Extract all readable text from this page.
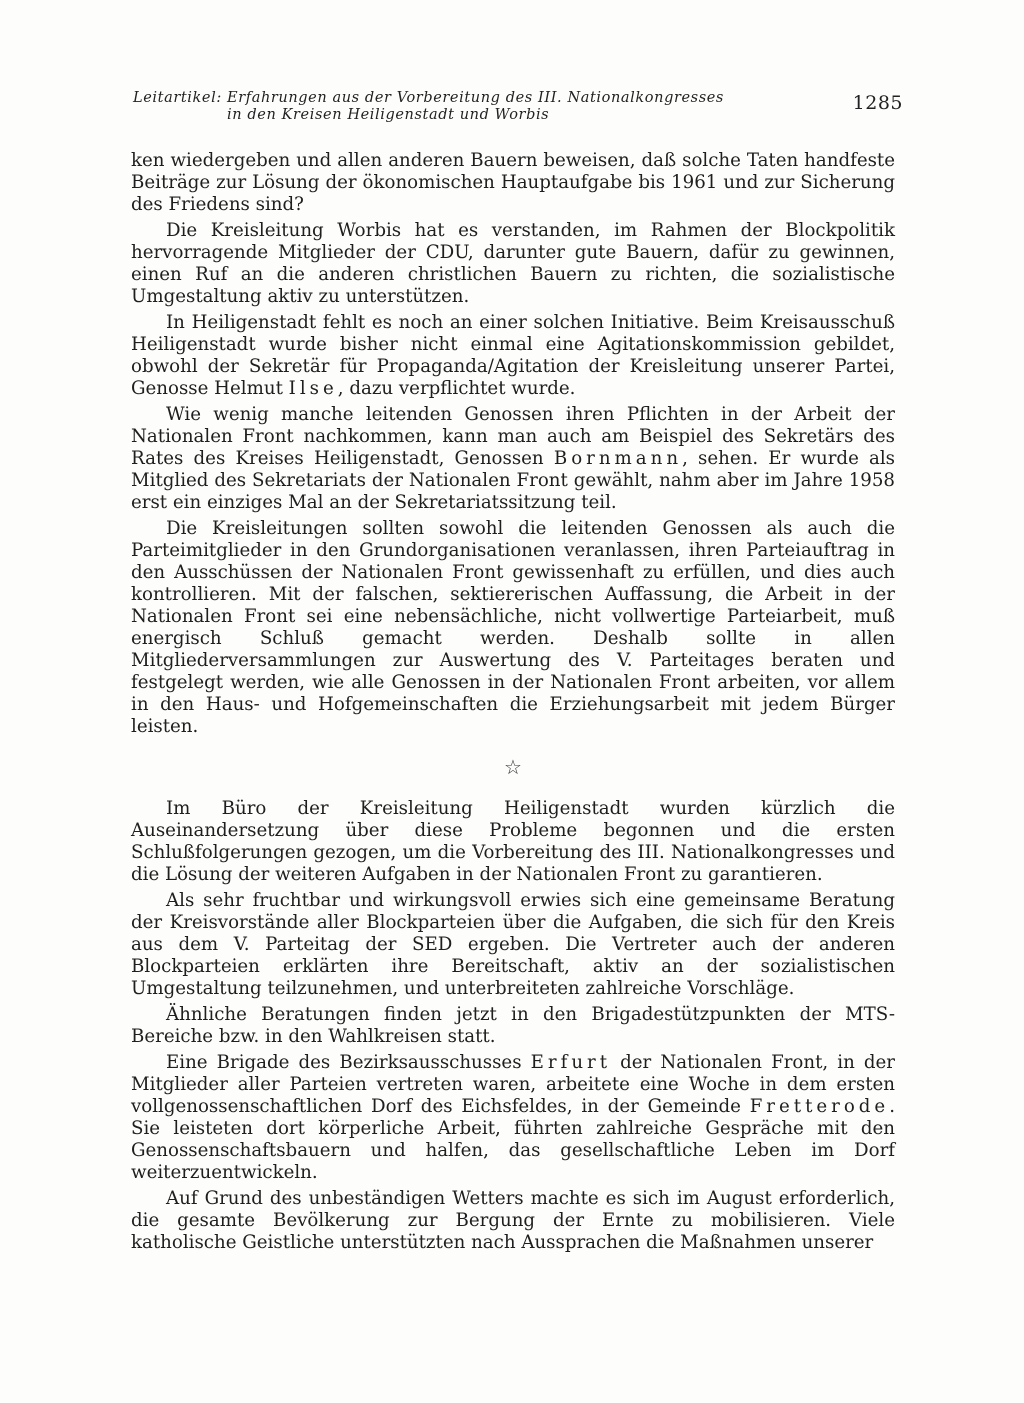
Leitartikel: Erfahrungen aus der Vorbereitung des III. Nationalkongresses
in den Kreisen Heiligenstadt und Worbis
1285

ken wiedergeben und allen anderen Bauern beweisen, daß solche Taten handfeste Beiträge zur Lösung der ökonomischen Hauptaufgabe bis 1961 und zur Sicherung des Friedens sind?

Die Kreisleitung Worbis hat es verstanden, im Rahmen der Blockpolitik hervorragende Mitglieder der CDU, darunter gute Bauern, dafür zu gewinnen, einen Ruf an die anderen christlichen Bauern zu richten, die sozialistische Umgestaltung aktiv zu unterstützen.

In Heiligenstadt fehlt es noch an einer solchen Initiative. Beim Kreisausschuß Heiligenstadt wurde bisher nicht einmal eine Agitationskommission gebildet, obwohl der Sekretär für Propaganda/Agitation der Kreisleitung unserer Partei, Genosse Helmut Ilse, dazu verpflichtet wurde.

Wie wenig manche leitenden Genossen ihren Pflichten in der Arbeit der Nationalen Front nachkommen, kann man auch am Beispiel des Sekretärs des Rates des Kreises Heiligenstadt, Genossen Bornmann, sehen. Er wurde als Mitglied des Sekretariats der Nationalen Front gewählt, nahm aber im Jahre 1958 erst ein einziges Mal an der Sekretariatssitzung teil.

Die Kreisleitungen sollten sowohl die leitenden Genossen als auch die Parteimitglieder in den Grundorganisationen veranlassen, ihren Parteiauftrag in den Ausschüssen der Nationalen Front gewissenhaft zu erfüllen, und dies auch kontrollieren. Mit der falschen, sektiererischen Auffassung, die Arbeit in der Nationalen Front sei eine nebensächliche, nicht vollwertige Parteiarbeit, muß energisch Schluß gemacht werden. Deshalb sollte in allen Mitgliederversammlungen zur Auswertung des V. Parteitages beraten und festgelegt werden, wie alle Genossen in der Nationalen Front arbeiten, vor allem in den Haus- und Hofgemeinschaften die Erziehungsarbeit mit jedem Bürger leisten.

☆

Im Büro der Kreisleitung Heiligenstadt wurden kürzlich die Auseinandersetzung über diese Probleme begonnen und die ersten Schlußfolgerungen gezogen, um die Vorbereitung des III. Nationalkongresses und die Lösung der weiteren Aufgaben in der Nationalen Front zu garantieren.

Als sehr fruchtbar und wirkungsvoll erwies sich eine gemeinsame Beratung der Kreisvorstände aller Blockparteien über die Aufgaben, die sich für den Kreis aus dem V. Parteitag der SED ergeben. Die Vertreter auch der anderen Blockparteien erklärten ihre Bereitschaft, aktiv an der sozialistischen Umgestaltung teilzunehmen, und unterbreiteten zahlreiche Vorschläge.

Ähnliche Beratungen finden jetzt in den Brigadestützpunkten der MTS-Bereiche bzw. in den Wahlkreisen statt.

Eine Brigade des Bezirksausschusses Erfurt der Nationalen Front, in der Mitglieder aller Parteien vertreten waren, arbeitete eine Woche in dem ersten vollgenossenschaftlichen Dorf des Eichsfeldes, in der Gemeinde Fretterode. Sie leisteten dort körperliche Arbeit, führten zahlreiche Gespräche mit den Genossenschaftsbauern und halfen, das gesellschaftliche Leben im Dorf weiterzuentwickeln.

Auf Grund des unbeständigen Wetters machte es sich im August erforderlich, die gesamte Bevölkerung zur Bergung der Ernte zu mobilisieren. Viele katholische Geistliche unterstützten nach Aussprachen die Maßnahmen unserer
